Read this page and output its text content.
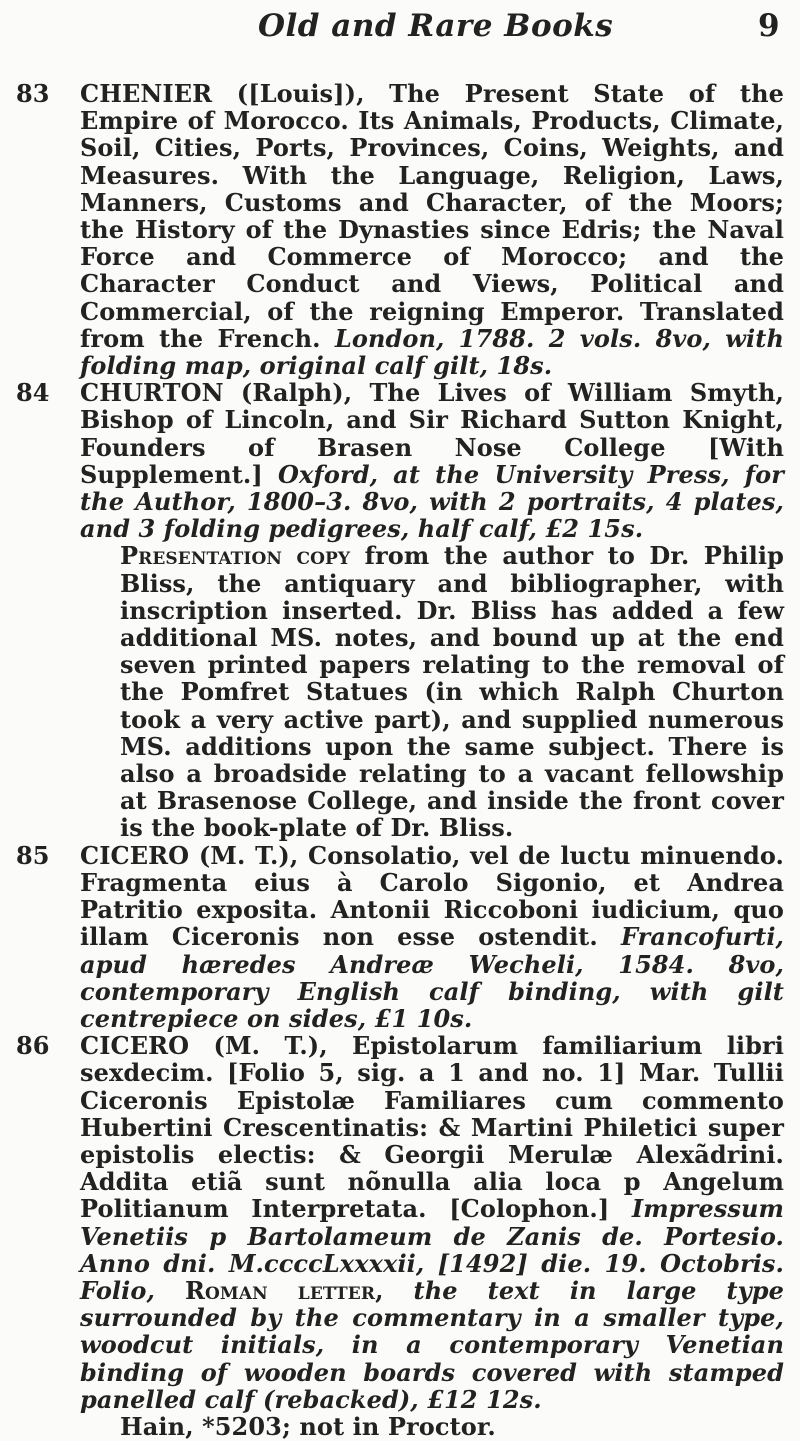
Old and Rare Books	9
83 CHENIER ([Louis]), The Present State of the Empire of Morocco. Its Animals, Products, Climate, Soil, Cities, Ports, Provinces, Coins, Weights, and Measures. With the Language, Religion, Laws, Manners, Customs and Character, of the Moors; the History of the Dynasties since Edris; the Naval Force and Commerce of Morocco; and the Character Conduct and Views, Political and Commercial, of the reigning Emperor. Translated from the French. London, 1788. 2 vols. 8vo, with folding map, original calf gilt, 18s.
84 CHURTON (Ralph), The Lives of William Smyth, Bishop of Lincoln, and Sir Richard Sutton Knight, Founders of Brasen Nose College [With Supplement.] Oxford, at the University Press, for the Author, 1800–3. 8vo, with 2 portraits, 4 plates, and 3 folding pedigrees, half calf, £2 15s.
Presentation copy from the author to Dr. Philip Bliss, the antiquary and bibliographer, with inscription inserted. Dr. Bliss has added a few additional MS. notes, and bound up at the end seven printed papers relating to the removal of the Pomfret Statues (in which Ralph Churton took a very active part), and supplied numerous MS. additions upon the same subject. There is also a broadside relating to a vacant fellowship at Brasenose College, and inside the front cover is the book-plate of Dr. Bliss.
85 CICERO (M. T.), Consolatio, vel de luctu minuendo. Fragmenta eius à Carolo Sigonio, et Andrea Patritio exposita. Antonii Riccoboni iudicium, quo illam Ciceronis non esse ostendit. Francofurti, apud hæredes Andreæ Wecheli, 1584. 8vo, contemporary English calf binding, with gilt centrepiece on sides, £1 10s.
86 CICERO (M. T.), Epistolarum familiarium libri sexdecim. [Folio 5, sig. a 1 and no. 1] Mar. Tullii Ciceronis Epistolæ Familiares cum commento Hubertini Crescentinatis: & Martini Philetici super epistolis electis: & Georgii Merulæ Alexãdrini. Addita etiã sunt nõnulla alia loca p Angelum Politianum Interpretata. [Colophon.] Impressum Venetiis p Bartolameum de Zanis de. Portesio. Anno dni. M.ccccLxxxxii, [1492] die. 19. Octobris. Folio, Roman letter, the text in large type surrounded by the commentary in a smaller type, woodcut initials, in a contemporary Venetian binding of wooden boards covered with stamped panelled calf (rebacked), £12 12s.
Hain, *5203; not in Proctor.
